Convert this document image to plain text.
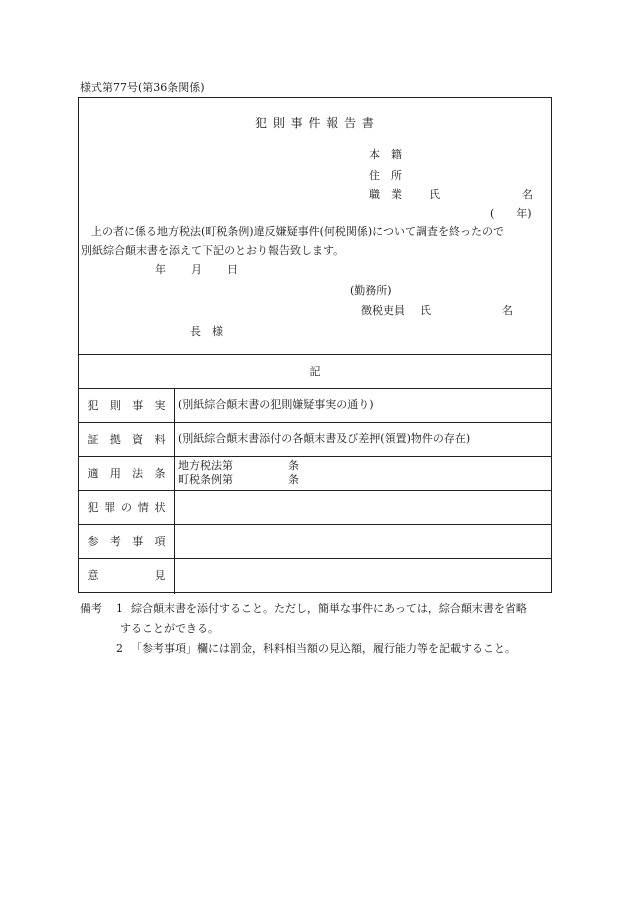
様式第77号(第36条関係)
犯 則 事 件 報 告 書
本　籍
住　所
職　業 氏	名
(　　年)
上の者に係る地方税法(町税条例)違反嫌疑事件(何税関係)について調査を終ったので
別紙綜合顛末書を添えて下記のとおり報告致します。
年 月 日
(勤務所)
徴税吏員 氏	名
長　様
記
犯 則 事 実 (別紙綜合顛末書の犯則嫌疑事実の通り)
証 拠 資 料 (別紙綜合顛末書添付の各顛末書及び差押(領置)物件の存在)
適 用 法 条
地方税法第　　　　　条
町税条例第　　　　　条
犯 罪 の 情 状
参 考 事 項
意	見
備考 1 綜合顛末書を添付すること。ただし，簡単な事件にあっては，綜合顛末書を省略
することができる。
2 「参考事項」欄には罰金，科料相当額の見込額，履行能力等を記載すること。
